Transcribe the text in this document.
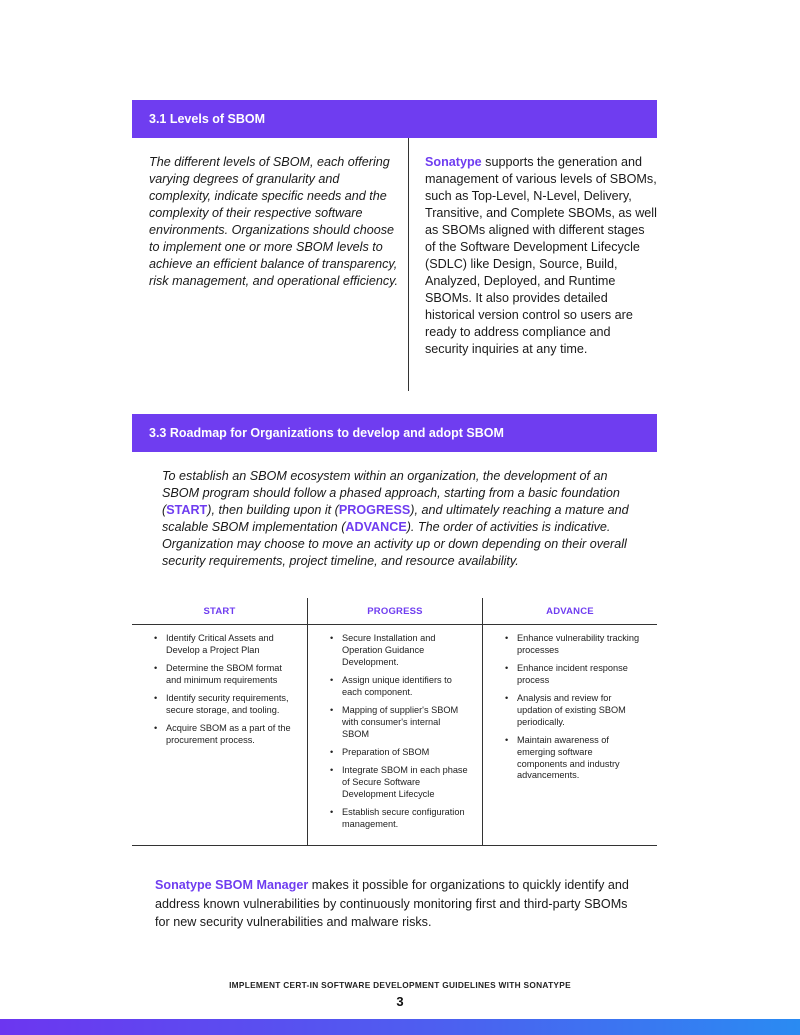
3.1 Levels of SBOM

The different levels of SBOM, each offering varying degrees of granularity and complexity, indicate specific needs and the complexity of their respective software environments. Organizations should choose to implement one or more SBOM levels to achieve an efficient balance of transparency, risk management, and operational efficiency.

Sonatype supports the generation and management of various levels of SBOMs, such as Top-Level, N-Level, Delivery, Transitive, and Complete SBOMs, as well as SBOMs aligned with different stages of the Software Development Lifecycle (SDLC) like Design, Source, Build, Analyzed, Deployed, and Runtime SBOMs. It also provides detailed historical version control so users are ready to address compliance and security inquiries at any time.

3.3 Roadmap for Organizations to develop and adopt SBOM

To establish an SBOM ecosystem within an organization, the development of an SBOM program should follow a phased approach, starting from a basic foundation (START), then building upon it (PROGRESS), and ultimately reaching a mature and scalable SBOM implementation (ADVANCE). The order of activities is indicative. Organization may choose to move an activity up or down depending on their overall security requirements, project timeline, and resource availability.

START
• Identify Critical Assets and Develop a Project Plan
• Determine the SBOM format and minimum requirements
• Identify security requirements, secure storage, and tooling.
• Acquire SBOM as a part of the procurement process.
PROGRESS
• Secure Installation and Operation Guidance Development.
• Assign unique identifiers to each component.
• Mapping of supplier's SBOM with consumer's internal SBOM
• Preparation of SBOM
• Integrate SBOM in each phase of Secure Software Development Lifecycle
• Establish secure configuration management.
ADVANCE
• Enhance vulnerability tracking processes
• Enhance incident response process
• Analysis and review for updation of existing SBOM periodically.
• Maintain awareness of emerging software components and industry advancements.

Sonatype SBOM Manager makes it possible for organizations to quickly identify and address known vulnerabilities by continuously monitoring first and third-party SBOMs for new security vulnerabilities and malware risks.

IMPLEMENT CERT-IN SOFTWARE DEVELOPMENT GUIDELINES WITH SONATYPE
3
